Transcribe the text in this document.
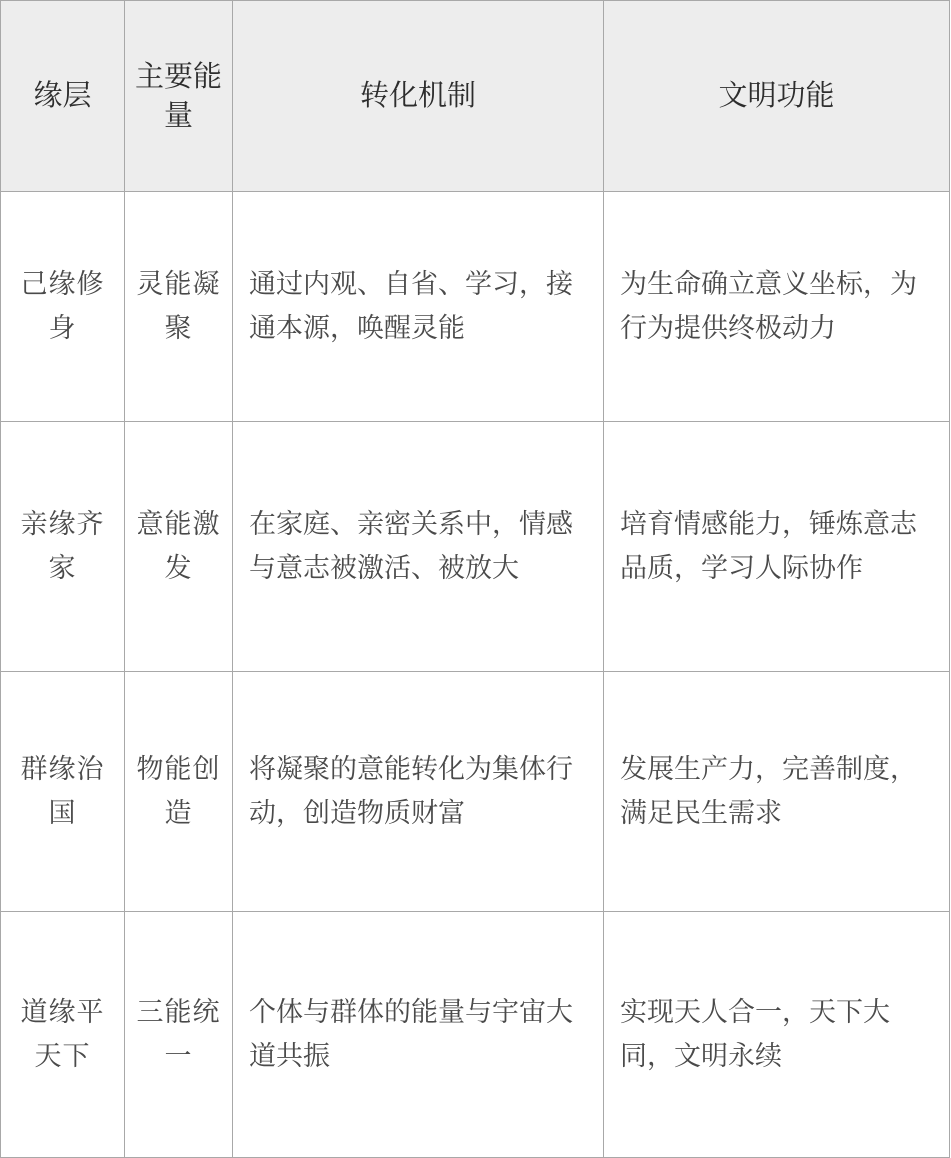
缘层	主要能量	转化机制	文明功能
己缘修身	灵能凝聚	通过内观、自省、学习，接通本源，唤醒灵能	为生命确立意义坐标，为行为提供终极动力
亲缘齐家	意能激发	在家庭、亲密关系中，情感与意志被激活、被放大	培育情感能力，锤炼意志品质，学习人际协作
群缘治国	物能创造	将凝聚的意能转化为集体行动，创造物质财富	发展生产力，完善制度，满足民生需求
道缘平天下	三能统一	个体与群体的能量与宇宙大道共振	实现天人合一，天下大同，文明永续
